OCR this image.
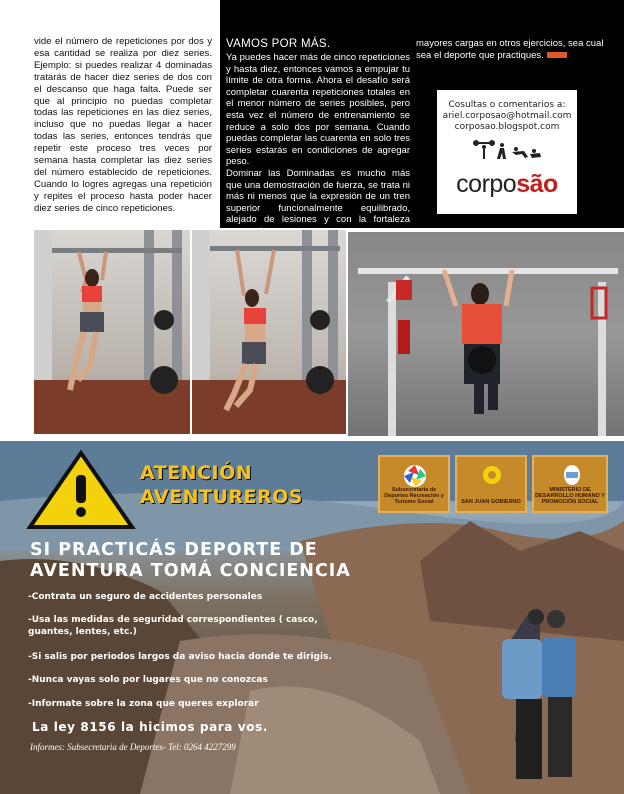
vide el número de repeticiones por dos y esa cantidad se realiza por diez series. Ejemplo: si puedes realizar 4 dominadas tratarás de hacer diez series de dos con el descanso que haga falta. Puede ser que al principio no puedas completar todas las repeticiones en las diez series, incluso que no puedas llegar a hacer todas las series, entonces tendrás que repetir este proceso tres veces por semana hasta completar las diez series del número establecido de repeticiones. Cuando lo logres agregas una repetición y repites el proceso hasta poder hacer diez series de cinco repeticiones.

VAMOS POR MÁS.

Ya puedes hacer más de cinco repeticiones y hasta diez, entonces vamos a empujar tu límite de otra forma. Ahora el desafío será completar cuarenta repeticiones totales en el menor número de series posibles, pero esta vez el número de entrenamiento se reduce a solo dos por semana. Cuando puedas completar las cuarenta en solo tres series estarás en condiciones de agregar peso.

Dominar las Dominadas es mucho más que una demostración de fuerza, se trata ni más ni menos que la expresión de un tren superior funcionalmente equilibrado, alejado de lesiones y con la fortaleza

mayores cargas en otros ejercicios, sea cual sea el deporte que practiques.
Cosultas o comentarios a:
ariel.corposao@hotmail.com
corposao.blogspot.com
corposão
ATENCIÓN
AVENTUREROS	Subsecretaría de Deportes Recreación y Turismo Social	SAN JUAN GOBIERNO
MINISTERIO DE DESARROLLO HUMANO Y PROMOCIÓN SOCIAL
SI PRACTICÁS DEPORTE DE
AVENTURA TOMÁ CONCIENCIA
-Contrata un seguro de accidentes personales
-Usa las medidas de seguridad correspondientes ( casco, guantes, lentes, etc.)
-Si salis por periodos largos da aviso hacia donde te dirigis.
-Nunca vayas solo por lugares que no conozcas
-Informate sobre la zona que queres explorar
La ley 8156 la hicimos para vos.
Informes: Subsecretaria de Deportes- Tel: 0264 4227299
